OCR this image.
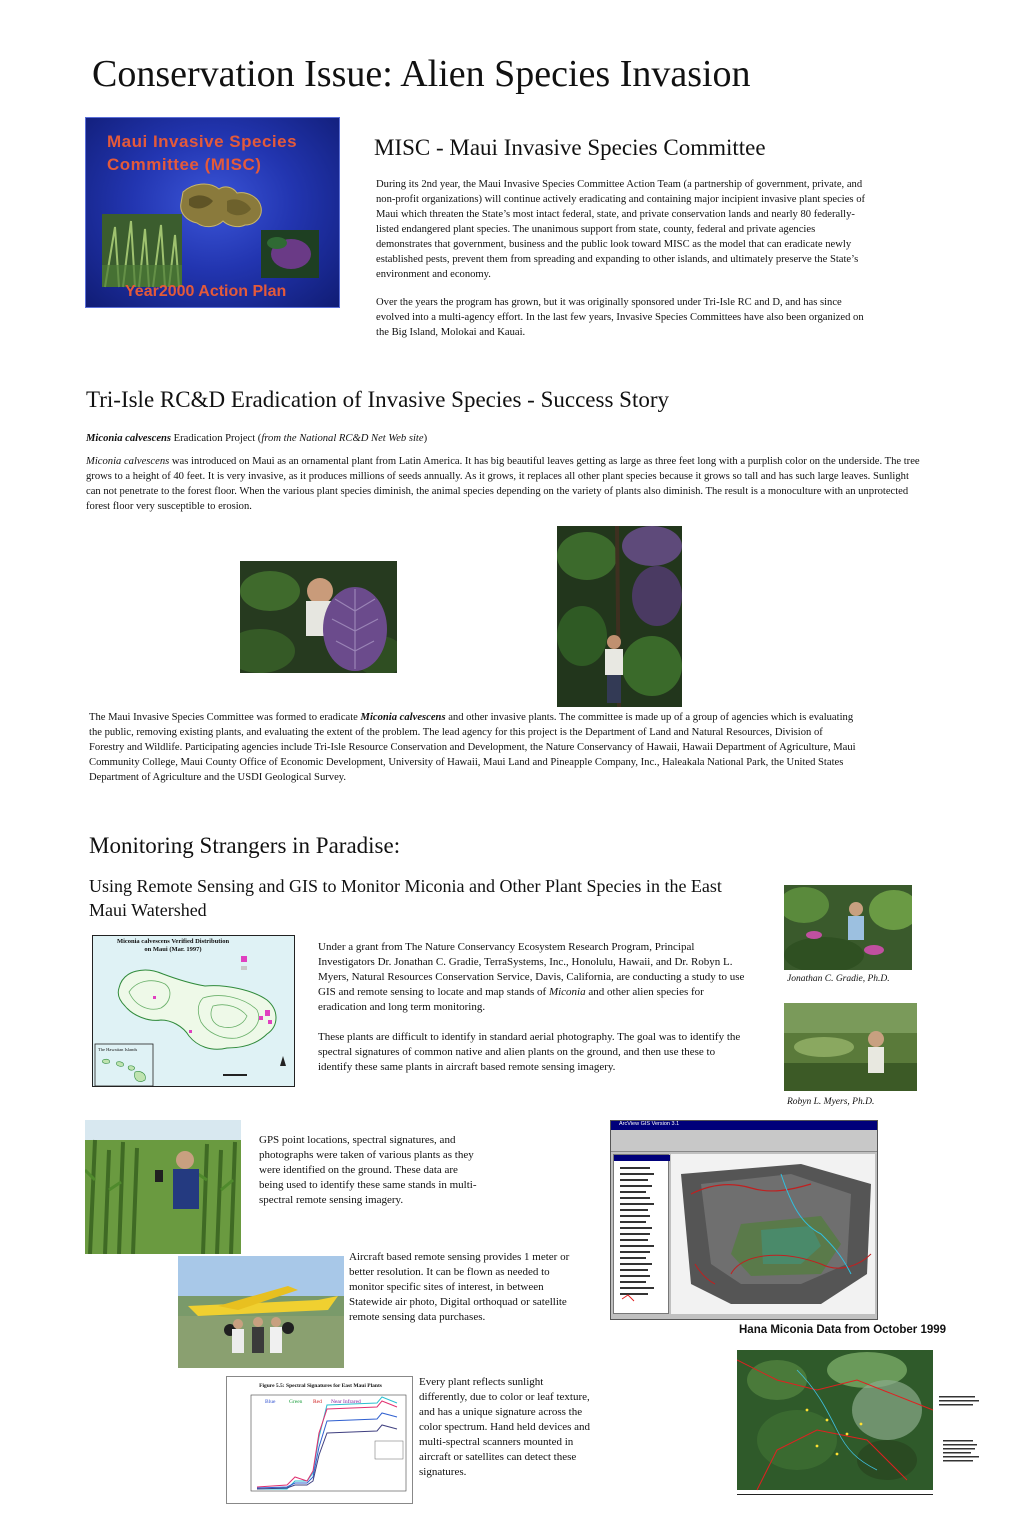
Conservation Issue: Alien Species Invasion
Maui Invasive Species
Committee (MISC)
Year2000 Action Plan
MISC - Maui Invasive Species Committee
During its 2nd year, the Maui Invasive Species Committee Action Team (a partnership of government, private, and non-profit organizations) will continue actively eradicating and containing major incipient invasive plant species of Maui which threaten the State’s most intact federal, state, and private conservation lands and nearly 80 federally-listed endangered plant species. The unanimous support from state, county, federal and private agencies demonstrates that government, business and the public look toward MISC as the model that can eradicate newly established pests, prevent them from spreading and expanding to other islands, and ultimately preserve the State’s environment and economy.
Over the years the program has grown, but it was originally sponsored under Tri-Isle RC and D, and has since evolved into a multi-agency effort. In the last few years, Invasive Species Committees have also been organized on the Big Island, Molokai and Kauai.
Tri-Isle RC&D Eradication of Invasive Species - Success Story
Miconia calvescens Eradication Project (from the National RC&D Net Web site)
Miconia calvescens was introduced on Maui as an ornamental plant from Latin America. It has big beautiful leaves getting as large as three feet long with a purplish color on the underside. The tree grows to a height of 40 feet. It is very invasive, as it produces millions of seeds annually. As it grows, it replaces all other plant species because it grows so tall and has such large leaves. Sunlight can not penetrate to the forest floor. When the various plant species diminish, the animal species depending on the variety of plants also diminish. The result is a monoculture with an unprotected forest floor very susceptible to erosion.
The Maui Invasive Species Committee was formed to eradicate Miconia calvescens and other invasive plants. The committee is made up of a group of agencies which is evaluating the public, removing existing plants, and evaluating the extent of the problem. The lead agency for this project is the Department of Land and Natural Resources, Division of Forestry and Wildlife. Participating agencies include Tri-Isle Resource Conservation and Development, the Nature Conservancy of Hawaii, Hawaii Department of Agriculture, Maui Community College, Maui County Office of Economic Development, University of Hawaii, Maui Land and Pineapple Company, Inc., Haleakala National Park, the United States Department of Agriculture and the USDI Geological Survey.
Monitoring Strangers in Paradise:
Using Remote Sensing and GIS to Monitor Miconia and Other Plant Species in the East Maui Watershed
Miconia calvescens Verified Distribution
on Maui (Mar. 1997)
The Hawaiian Islands
Under a grant from The Nature Conservancy Ecosystem Research Program, Principal Investigators Dr. Jonathan C. Gradie, TerraSystems, Inc., Honolulu, Hawaii, and Dr. Robyn L. Myers, Natural Resources Conservation Service, Davis, California, are conducting a study to use GIS and remote sensing to locate and map stands of Miconia and other alien species for eradication and long term monitoring.
These plants are difficult to identify in standard aerial photography. The goal was to identify the spectral signatures of common native and alien plants on the ground, and then use these to identify these same plants in aircraft based remote sensing imagery.
Jonathan C. Gradie, Ph.D.
Robyn L. Myers, Ph.D.
GPS point locations, spectral signatures, and photographs were taken of various plants as they were identified on the ground. These data are being used to identify these same stands in multi-spectral remote sensing imagery.
Aircraft based remote sensing provides 1 meter or better resolution. It can be flown as needed to monitor specific sites of interest, in between Statewide air photo, Digital orthoquad or satellite remote sensing data purchases.
Figure 5.5: Spectral Signatures for East Maui Plants
Blue Green Red Near Infrared
Every plant reflects sunlight differently, due to color or leaf texture, and has a unique signature across the color spectrum. Hand held devices and multi-spectral scanners mounted in aircraft or satellites can detect these signatures.
ArcView GIS Version 3.1
Hana Miconia Data from October 1999
